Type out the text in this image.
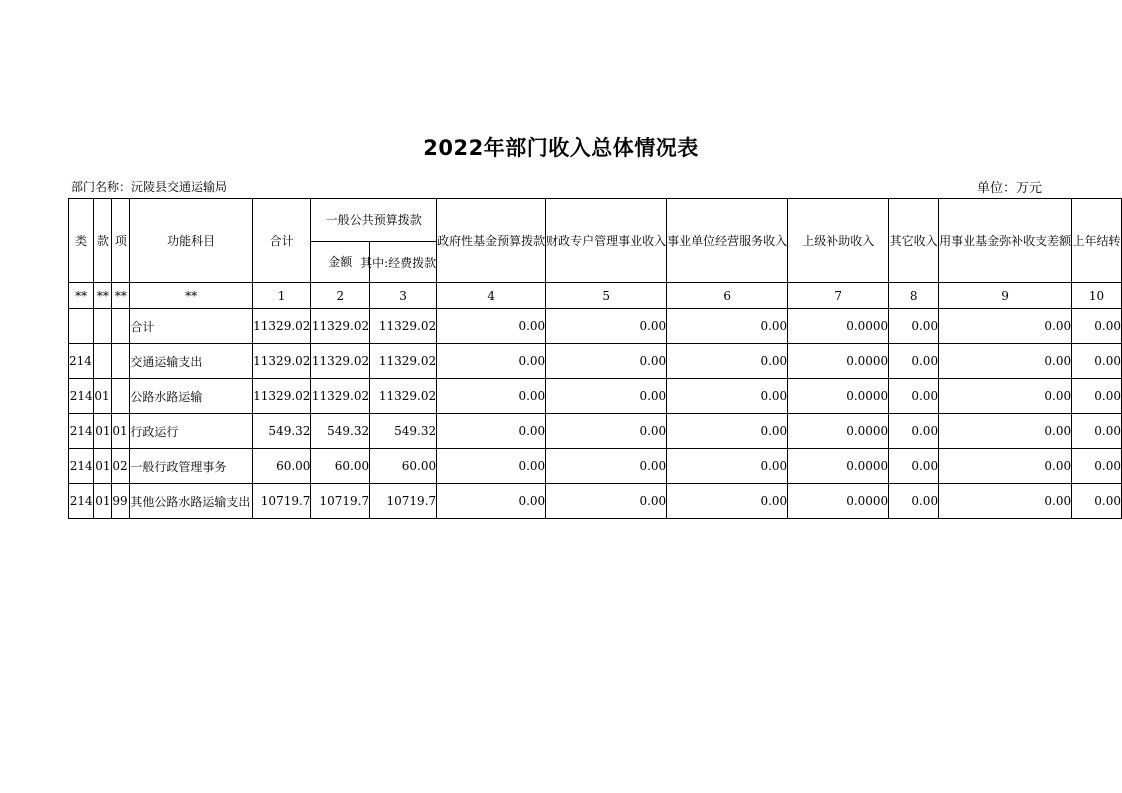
2022年部门收入总体情况表
部门名称：沅陵县交通运输局	单位：万元
类	款	项	功能科目	合计	一般公共预算拨款		政府性基金预算拨款	财政专户管理事业收入	事业单位经营服务收入	上级补助收入	其它收入	用事业基金弥补收支差额	上年结转
					金额	其中:经费拨款							
**	**	**	**	1	2	3	4	5	6	7	8	9	10
			合计	11329.02	11329.02	11329.02	0.00	0.00	0.00	0.0000	0.00	0.00	0.00
214			交通运输支出	11329.02	11329.02	11329.02	0.00	0.00	0.00	0.0000	0.00	0.00	0.00
214	01		公路水路运输	11329.02	11329.02	11329.02	0.00	0.00	0.00	0.0000	0.00	0.00	0.00
214	01	01	行政运行	549.32	549.32	549.32	0.00	0.00	0.00	0.0000	0.00	0.00	0.00
214	01	02	一般行政管理事务	60.00	60.00	60.00	0.00	0.00	0.00	0.0000	0.00	0.00	0.00
214	01	99	其他公路水路运输支出	10719.7	10719.7	10719.7	0.00	0.00	0.00	0.0000	0.00	0.00	0.00
